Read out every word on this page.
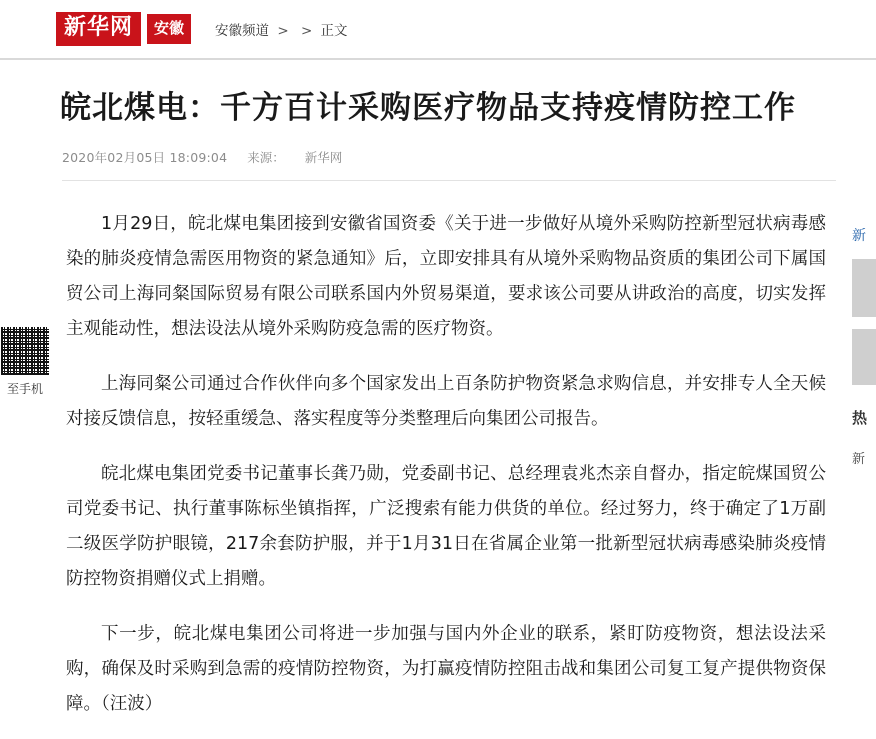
新华网	安徽	安徽频道 > > 正文
皖北煤电：千方百计采购医疗物品支持疫情防控工作
2020年02月05日 18:09:04 来源： 新华网

1月29日，皖北煤电集团接到安徽省国资委《关于进一步做好从境外采购防控新型冠状病毒感染的肺炎疫情急需医用物资的紧急通知》后，立即安排具有从境外采购物品资质的集团公司下属国贸公司上海同粲国际贸易有限公司联系国内外贸易渠道，要求该公司要从讲政治的高度，切实发挥主观能动性，想法设法从境外采购防疫急需的医疗物资。

上海同粲公司通过合作伙伴向多个国家发出上百条防护物资紧急求购信息，并安排专人全天候对接反馈信息，按轻重缓急、落实程度等分类整理后向集团公司报告。

皖北煤电集团党委书记董事长龚乃勋，党委副书记、总经理袁兆杰亲自督办，指定皖煤国贸公司党委书记、执行董事陈标坐镇指挥，广泛搜索有能力供货的单位。经过努力，终于确定了1万副二级医学防护眼镜，217余套防护服，并于1月31日在省属企业第一批新型冠状病毒感染肺炎疫情防控物资捐赠仪式上捐赠。

下一步，皖北煤电集团公司将进一步加强与国内外企业的联系，紧盯防疫物资，想法设法采购，确保及时采购到急需的疫情防控物资，为打赢疫情防控阻击战和集团公司复工复产提供物资保障。（汪波）

至手机
新
热
新
